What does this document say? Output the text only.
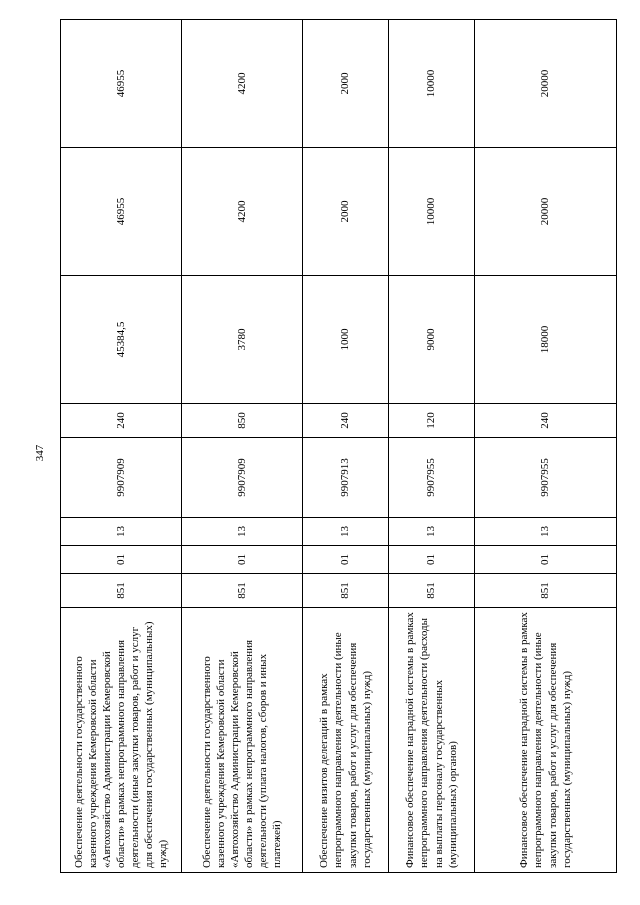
347
Обеспечение деятельности государственного казенного учреждения Кемеровской области «Автохозяйство Администрации Кемеровской области» в рамках непрограммного направления деятельности (иные закупки товаров, работ и услуг для обеспечения государственных (муниципальных) нужд)	851	01	13	9907909	240	45384,5	46955	46955
Обеспечение деятельности государственного казенного учреждения Кемеровской области «Автохозяйство Администрации Кемеровской области» в рамках непрограммного направления деятельности (уплата налогов, сборов и иных платежей)	851	01	13	9907909	850	3780	4200	4200
Обеспечение визитов делегаций в рамках непрограммного направления деятельности (иные закупки товаров, работ и услуг для обеспечения государственных (муниципальных) нужд)	851	01	13	9907913	240	1000	2000	2000
Финансовое обеспечение наградной системы в рамках непрограммного направления деятельности (расходы на выплаты персоналу государственных (муниципальных) органов)	851	01	13	9907955	120	9000	10000	10000
Финансовое обеспечение наградной системы в рамках непрограммного направления деятельности (иные закупки товаров, работ и услуг для обеспечения государственных (муниципальных) нужд)	851	01	13	9907955	240	18000	20000	20000
